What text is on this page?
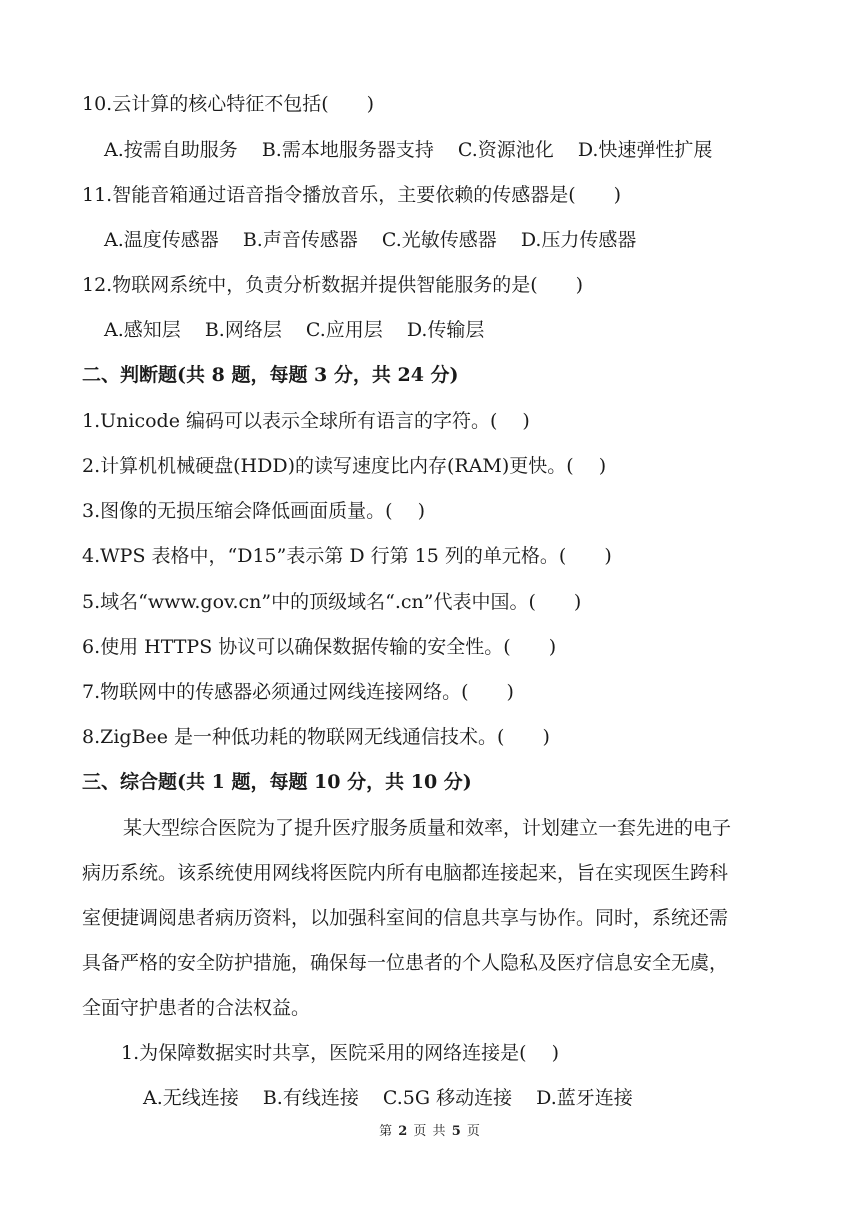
10.云计算的核心特征不包括(　　)
A.按需自助服务 B.需本地服务器支持 C.资源池化 D.快速弹性扩展
11.智能音箱通过语音指令播放音乐，主要依赖的传感器是(　　)
A.温度传感器 B.声音传感器 C.光敏传感器 D.压力传感器
12.物联网系统中，负责分析数据并提供智能服务的是(　　)
A.感知层 B.网络层 C.应用层 D.传输层
二、判断题(共 8 题，每题 3 分，共 24 分)
1.Unicode 编码可以表示全球所有语言的字符。(　 )
2.计算机机械硬盘(HDD)的读写速度比内存(RAM)更快。(　 )
3.图像的无损压缩会降低画面质量。(　 )
4.WPS 表格中，“D15”表示第 D 行第 15 列的单元格。(　　)
5.域名“www.gov.cn”中的顶级域名“.cn”代表中国。(　　)
6.使用 HTTPS 协议可以确保数据传输的安全性。(　　)
7.物联网中的传感器必须通过网线连接网络。(　　)
8.ZigBee 是一种低功耗的物联网无线通信技术。(　　)
三、综合题(共 1 题，每题 10 分，共 10 分)
某大型综合医院为了提升医疗服务质量和效率，计划建立一套先进的电子
病历系统。该系统使用网线将医院内所有电脑都连接起来，旨在实现医生跨科
室便捷调阅患者病历资料，以加强科室间的信息共享与协作。同时，系统还需
具备严格的安全防护措施，确保每一位患者的个人隐私及医疗信息安全无虞，
全面守护患者的合法权益。
1.为保障数据实时共享，医院采用的网络连接是(　 )
A.无线连接 B.有线连接 C.5G 移动连接 D.蓝牙连接
第 2 页 共 5 页
